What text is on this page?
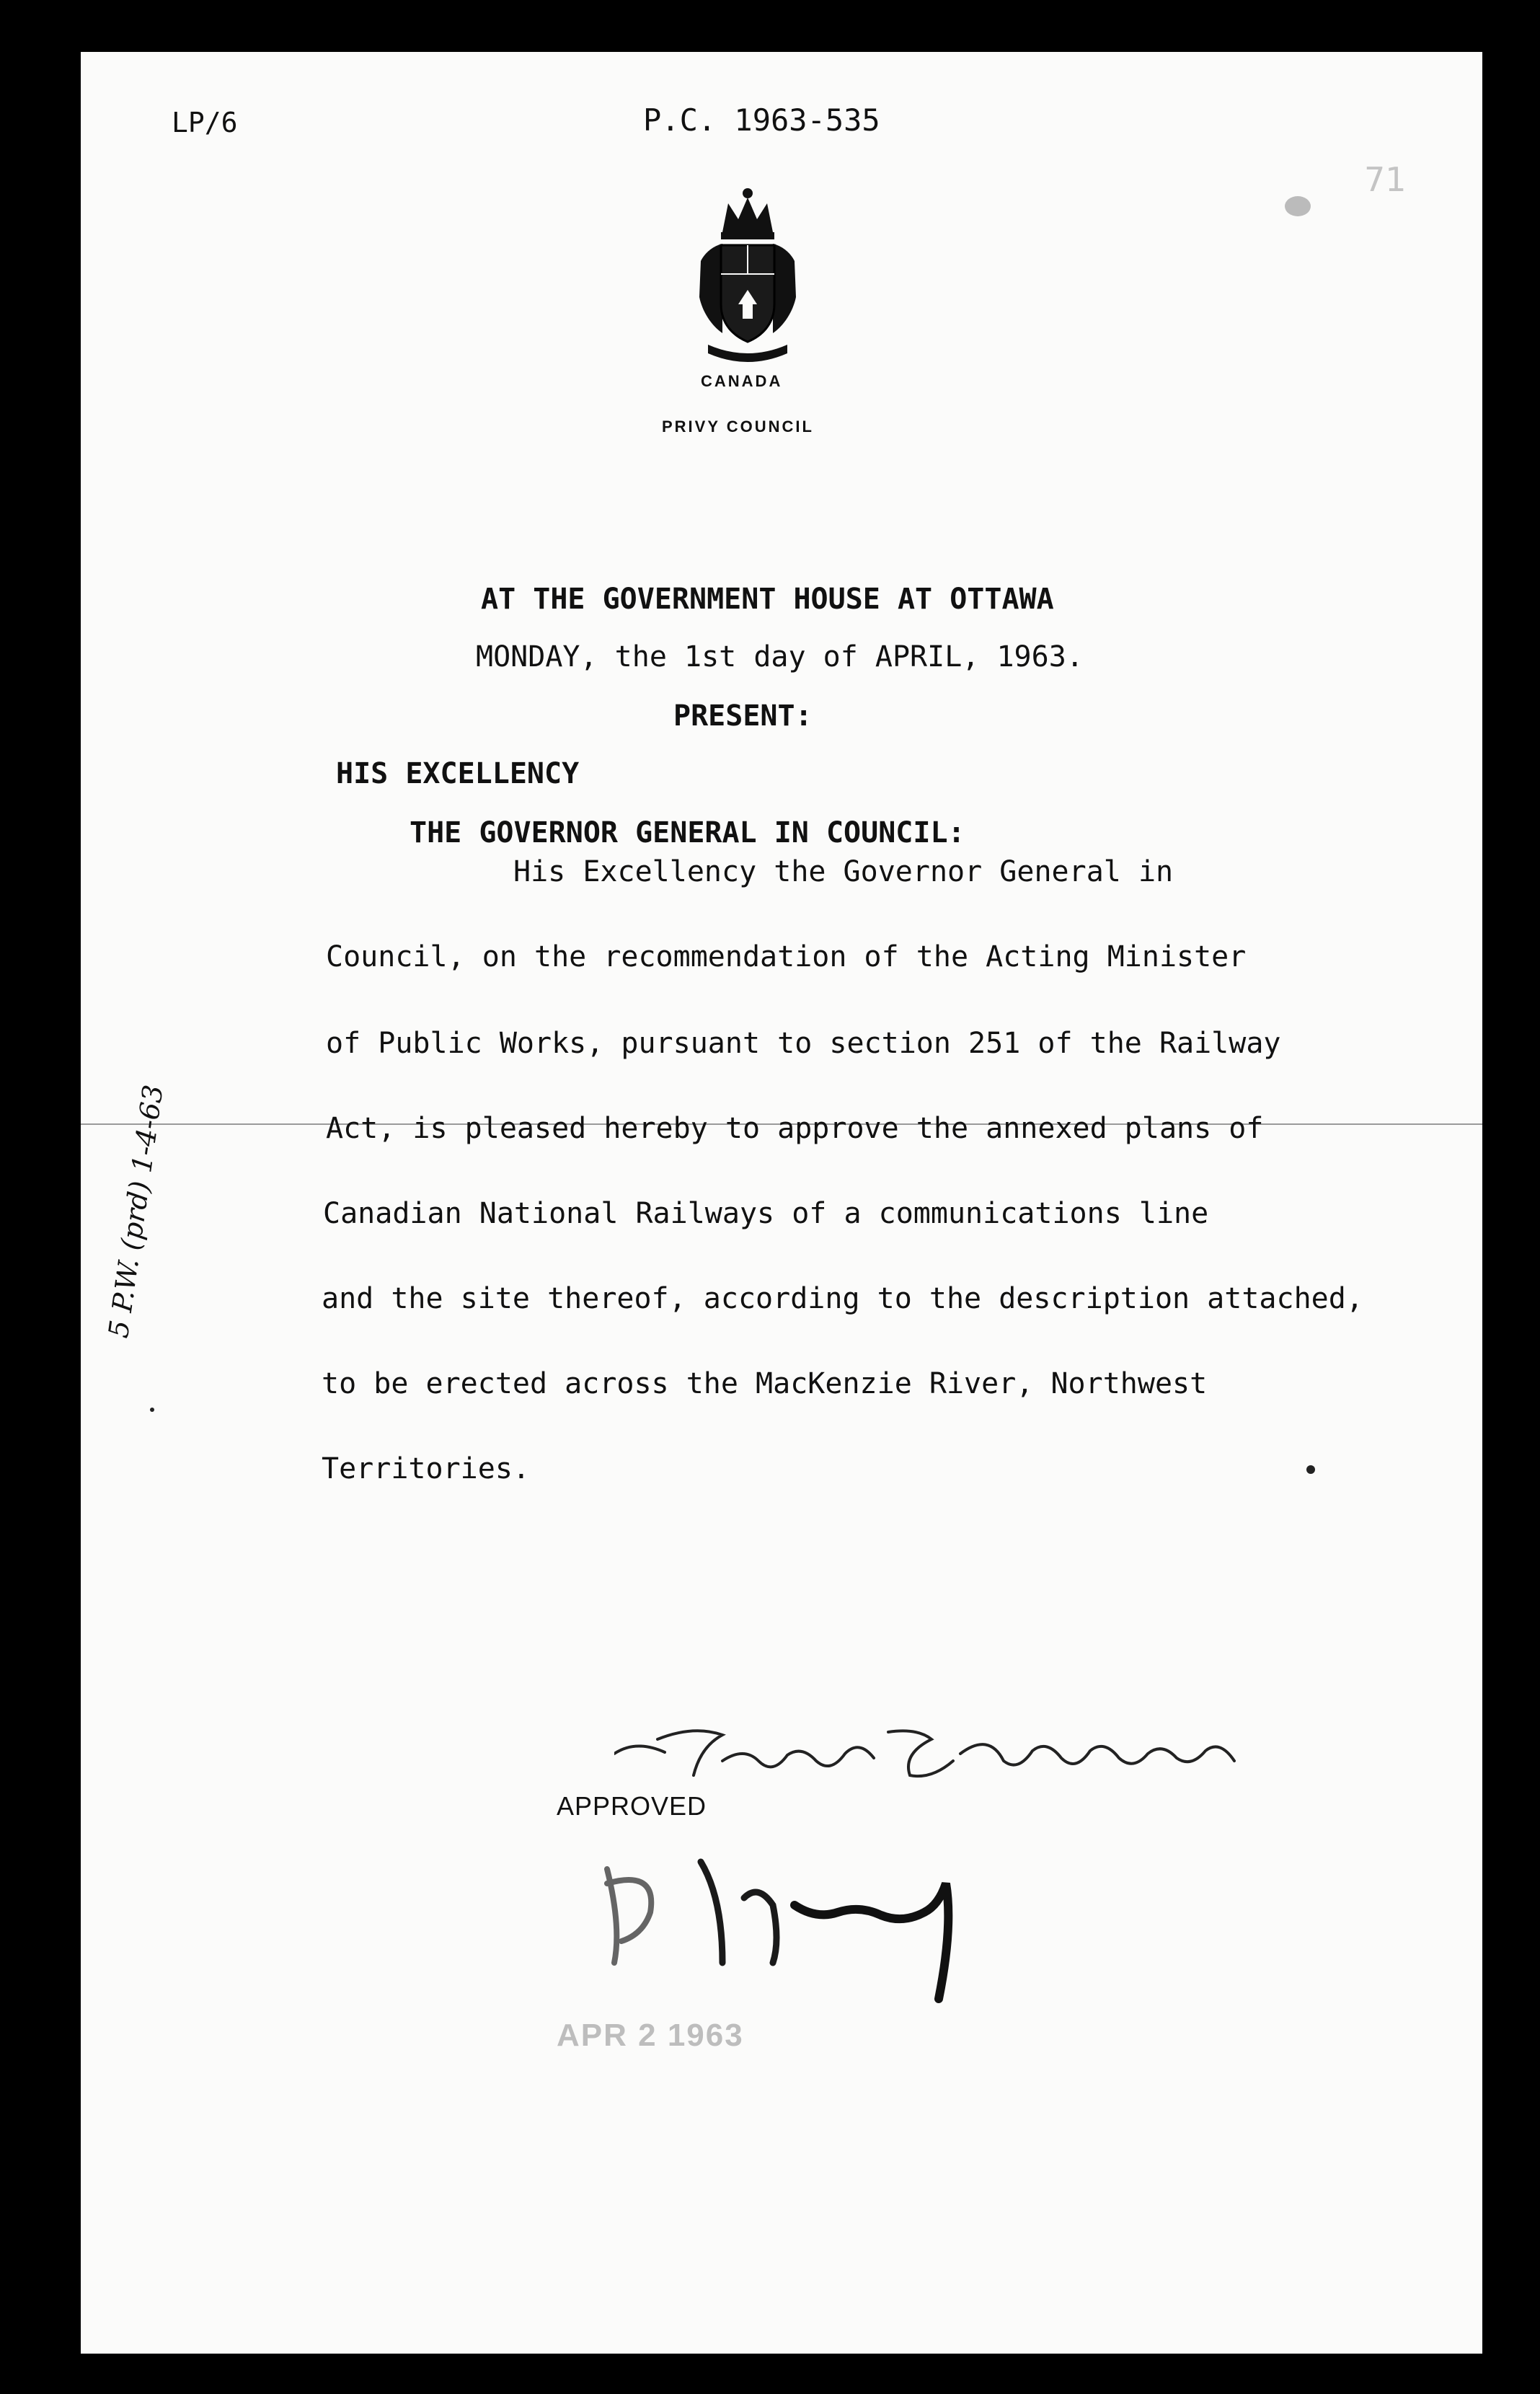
LP/6	P.C. 1963-535
71
CANADA
PRIVY COUNCIL
AT THE GOVERNMENT HOUSE AT OTTAWA
MONDAY, the 1st day of APRIL, 1963.
PRESENT:
HIS EXCELLENCY
THE GOVERNOR GENERAL IN COUNCIL:
His Excellency the Governor General in
Council, on the recommendation of the Acting Minister
of Public Works, pursuant to section 251 of the Railway
Act, is pleased hereby to approve the annexed plans of
Canadian National Railways of a communications line
and the site thereof, according to the description attached,
to be erected across the MacKenzie River, Northwest
Territories.
5 P.W. (prd) 1-4-63
APPROVED
APR 2 1963
